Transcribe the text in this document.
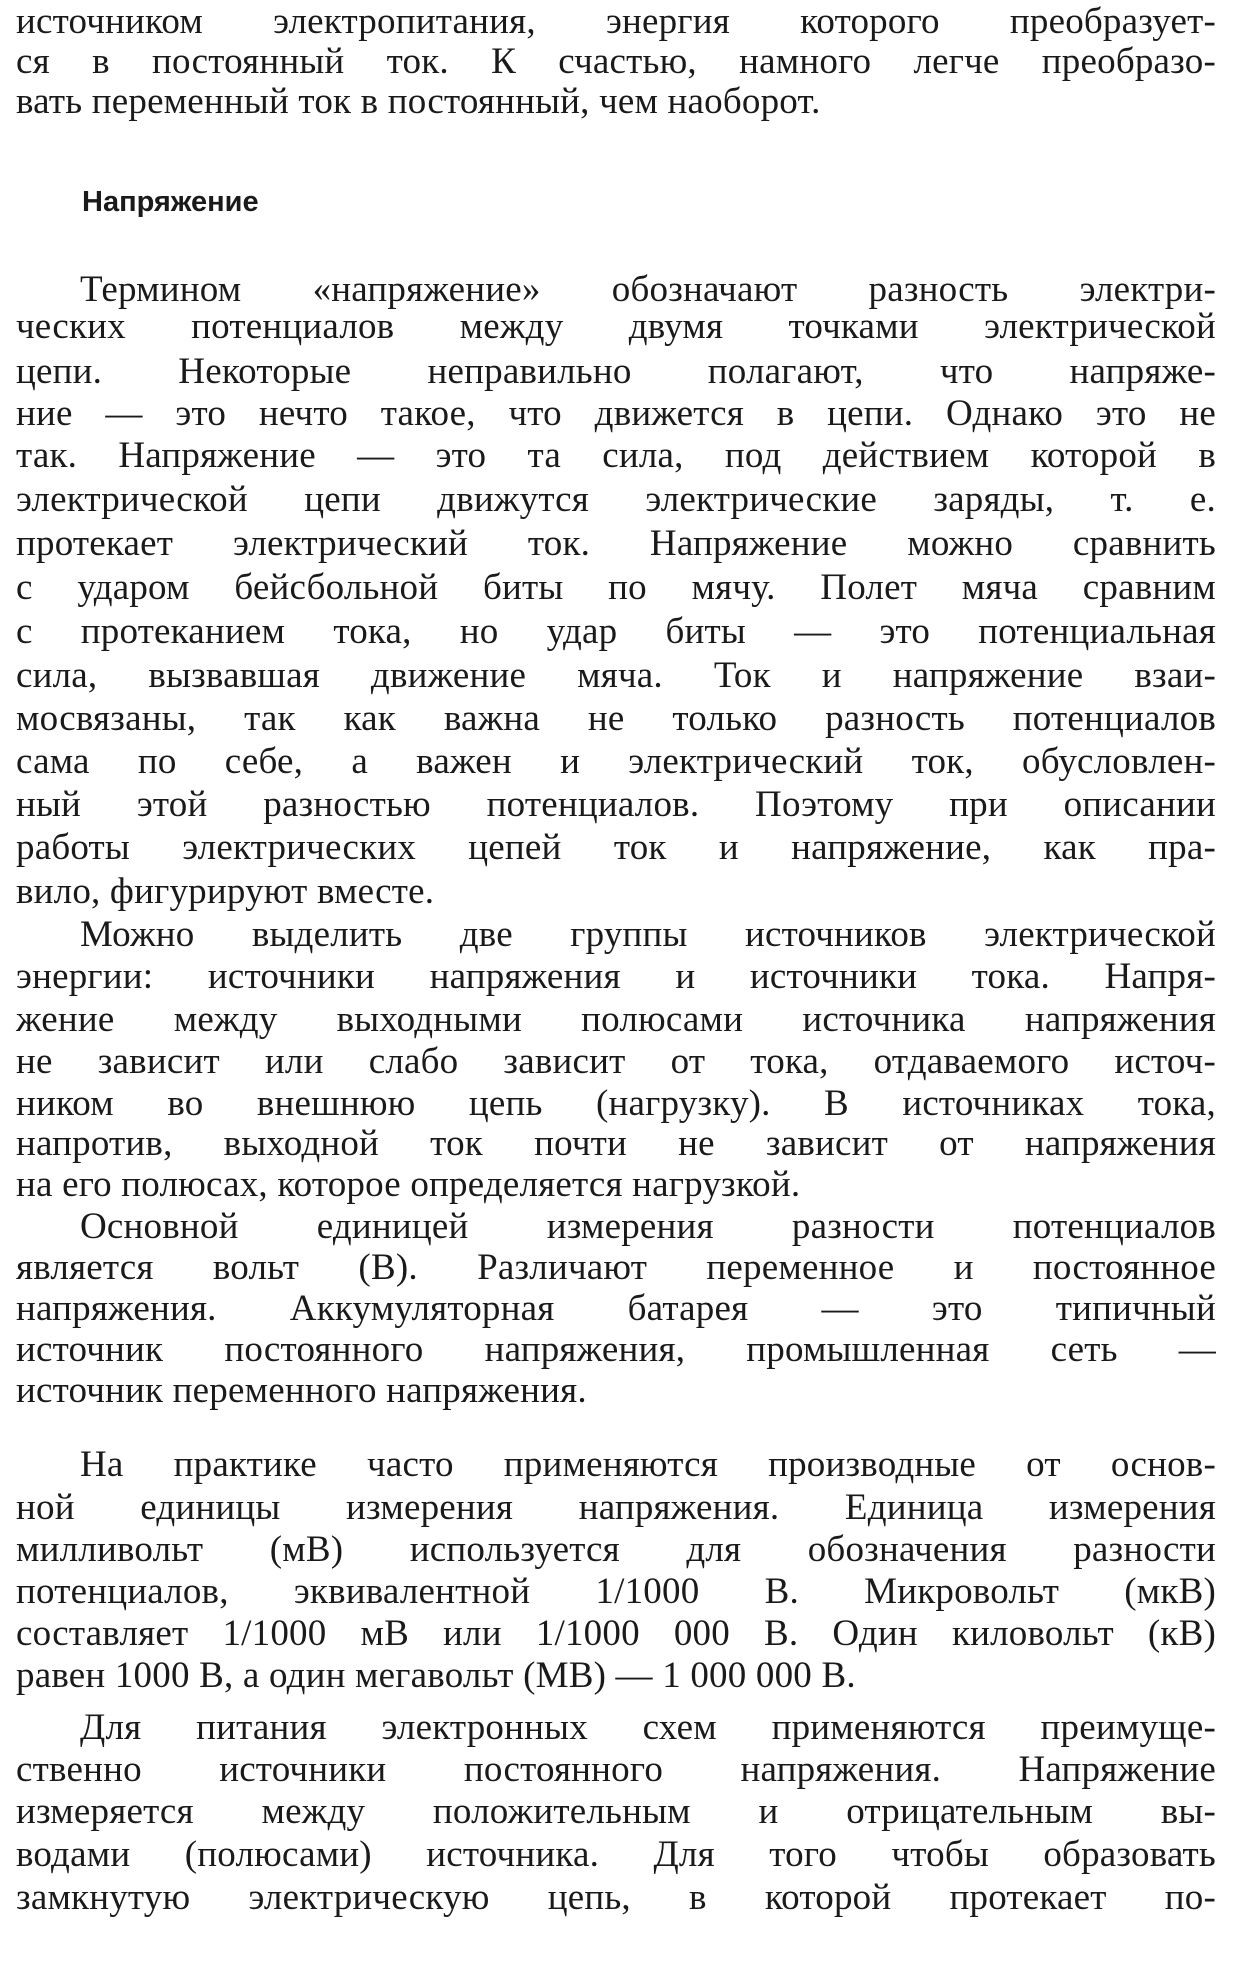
источником электропитания, энергия которого преобразует-
ся в постоянный ток. К счастью, намного легче преобразо-
вать переменный ток в постоянный, чем наоборот.
Напряжение
Термином «напряжение» обозначают разность электри-
ческих потенциалов между двумя точками электрической
цепи. Некоторые неправильно полагают, что напряже-
ние — это нечто такое, что движется в цепи. Однако это не
так. Напряжение — это та сила, под действием которой в
электрической цепи движутся электрические заряды, т. е.
протекает электрический ток. Напряжение можно сравнить
с ударом бейсбольной биты по мячу. Полет мяча сравним
с протеканием тока, но удар биты — это потенциальная
сила, вызвавшая движение мяча. Ток и напряжение взаи-
мосвязаны, так как важна не только разность потенциалов
сама по себе, а важен и электрический ток, обусловлен-
ный этой разностью потенциалов. Поэтому при описании
работы электрических цепей ток и напряжение, как пра-
вило, фигурируют вместе.
Можно выделить две группы источников электрической
энергии: источники напряжения и источники тока. Напря-
жение между выходными полюсами источника напряжения
не зависит или слабо зависит от тока, отдаваемого источ-
ником во внешнюю цепь (нагрузку). В источниках тока,
напротив, выходной ток почти не зависит от напряжения
на его полюсах, которое определяется нагрузкой.
Основной единицей измерения разности потенциалов
является вольт (В). Различают переменное и постоянное
напряжения. Аккумуляторная батарея — это типичный
источник постоянного напряжения, промышленная сеть —
источник переменного напряжения.
На практике часто применяются производные от основ-
ной единицы измерения напряжения. Единица измерения
милливольт (мВ) используется для обозначения разности
потенциалов, эквивалентной 1/1000 В. Микровольт (мкВ)
составляет 1/1000 мВ или 1/1000 000 В. Один киловольт (кВ)
равен 1000 В, а один мегавольт (МВ) — 1 000 000 В.
Для питания электронных схем применяются преимуще-
ственно источники постоянного напряжения. Напряжение
измеряется между положительным и отрицательным вы-
водами (полюсами) источника. Для того чтобы образовать
замкнутую электрическую цепь, в которой протекает по-
